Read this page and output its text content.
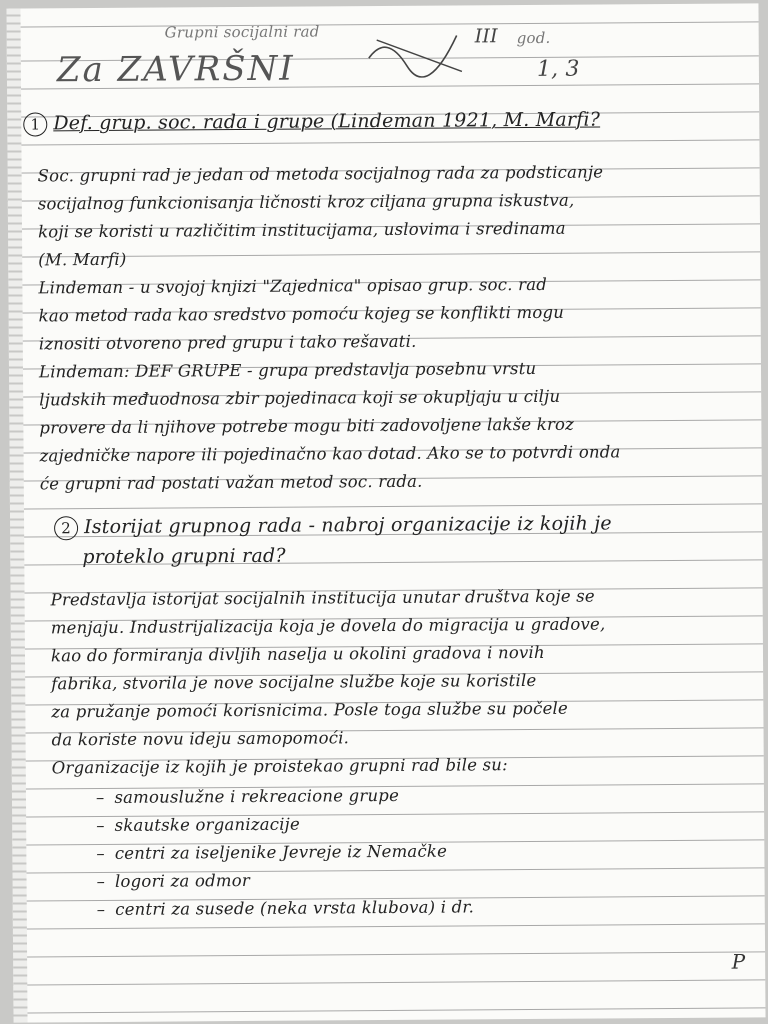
Grupni socijalni rad	III god.
Za ZAVRŠNI	1, 3
1 Def. grup. soc. rada i grupe (Lindeman 1921, M. Marfi?
Soc. grupni rad je jedan od metoda socijalnog rada za podsticanje
socijalnog funkcionisanja ličnosti kroz ciljana grupna iskustva,
koji se koristi u različitim institucijama, uslovima i sredinama
(M. Marfi)
Lindeman - u svojoj knjizi "Zajednica" opisao grup. soc. rad
kao metod rada kao sredstvo pomoću kojeg se konflikti mogu
iznositi otvoreno pred grupu i tako rešavati.
Lindeman: DEF GRUPE - grupa predstavlja posebnu vrstu
ljudskih međuodnosa zbir pojedinaca koji se okupljaju u cilju
provere da li njihove potrebe mogu biti zadovoljene lakše kroz
zajedničke napore ili pojedinačno kao dotad. Ako se to potvrdi onda
će grupni rad postati važan metod soc. rada.
2 Istorijat grupnog rada - nabroj organizacije iz kojih je
proteklo grupni rad?
Predstavlja istorijat socijalnih institucija unutar društva koje se
menjaju. Industrijalizacija koja je dovela do migracija u gradove,
kao do formiranja divljih naselja u okolini gradova i novih
fabrika, stvorila je nove socijalne službe koje su koristile
za pružanje pomoći korisnicima. Posle toga službe su počele
da koriste novu ideju samopomoći.
Organizacije iz kojih je proistekao grupni rad bile su:
– samouslužne i rekreacione grupe
– skautske organizacije
– centri za iseljenike Jevreje iz Nemačke
– logori za odmor
– centri za susede (neka vrsta klubova) i dr.
P
